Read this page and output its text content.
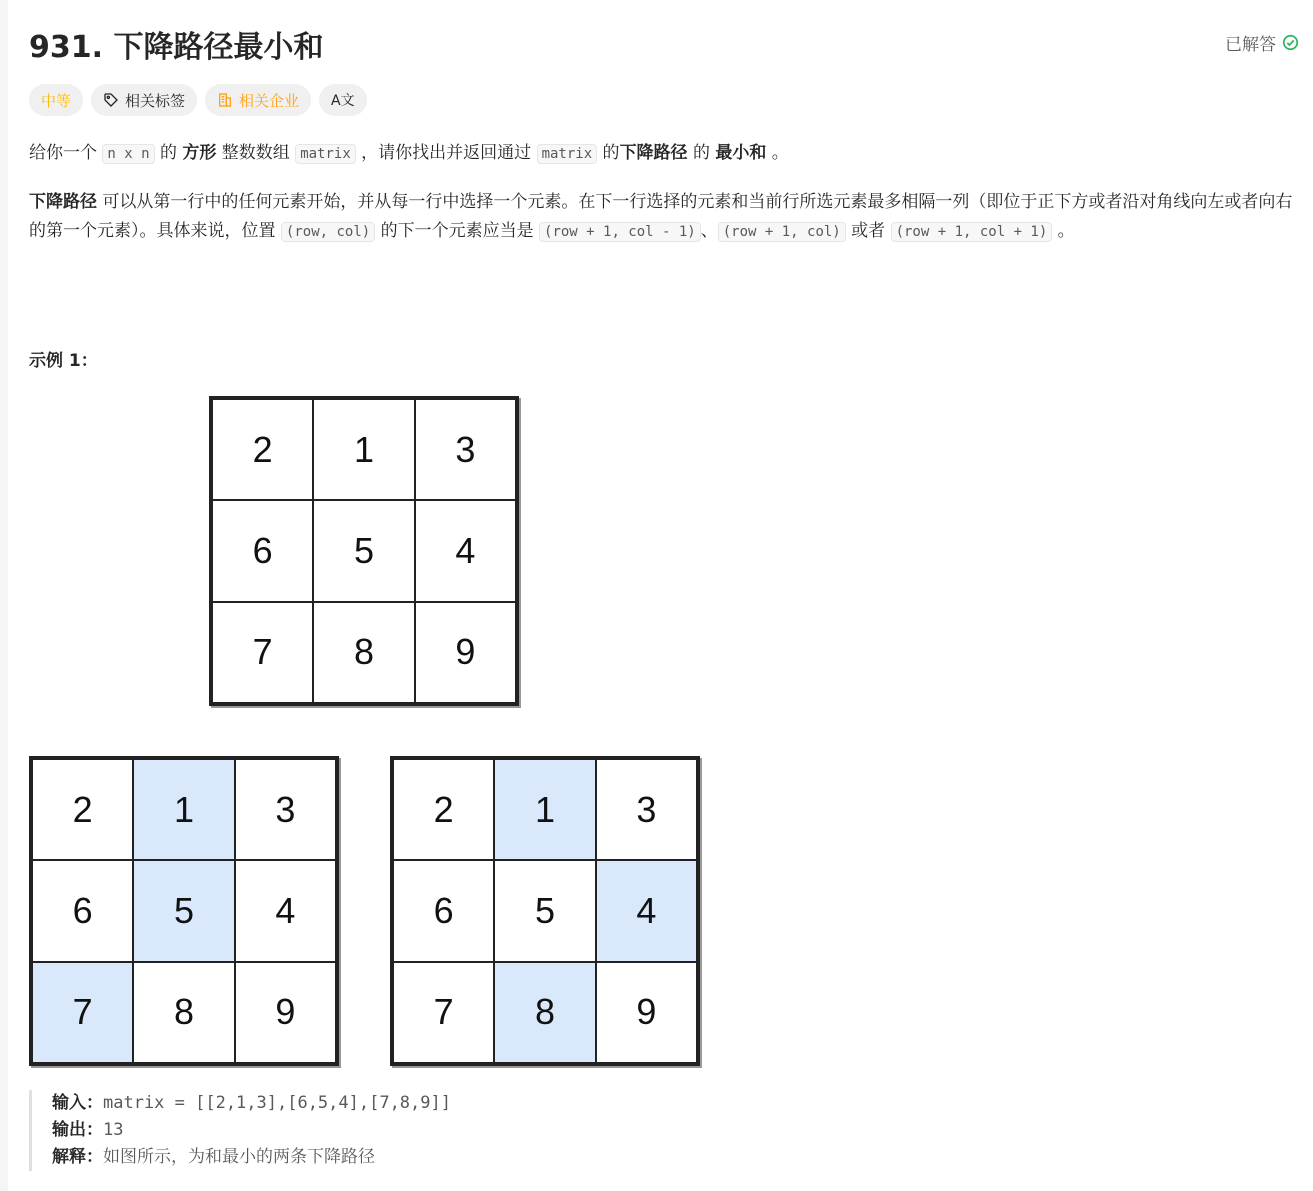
931. 下降路径最小和	已解答
中等	相关标签	相关企业 A文
给你一个 n x n 的 方形 整数数组 matrix ，请你找出并返回通过 matrix 的下降路径 的 最小和 。
下降路径 可以从第一行中的任何元素开始，并从每一行中选择一个元素。在下一行选择的元素和当前行所选元素最多相隔一列（即位于正下方或者沿对角线向左或者向右的第一个元素）。具体来说，位置 (row, col) 的下一个元素应当是 (row + 1, col - 1) 、 (row + 1, col) 或者 (row + 1, col + 1) 。
示例 1：
2	1	3
6	5	4
7	8	9
2	1	3
6	5	4
7	8	9
2	1	3
6	5	4
7	8	9
输入：matrix = [[2,1,3],[6,5,4],[7,8,9]]
输出：13
解释：如图所示，为和最小的两条下降路径
